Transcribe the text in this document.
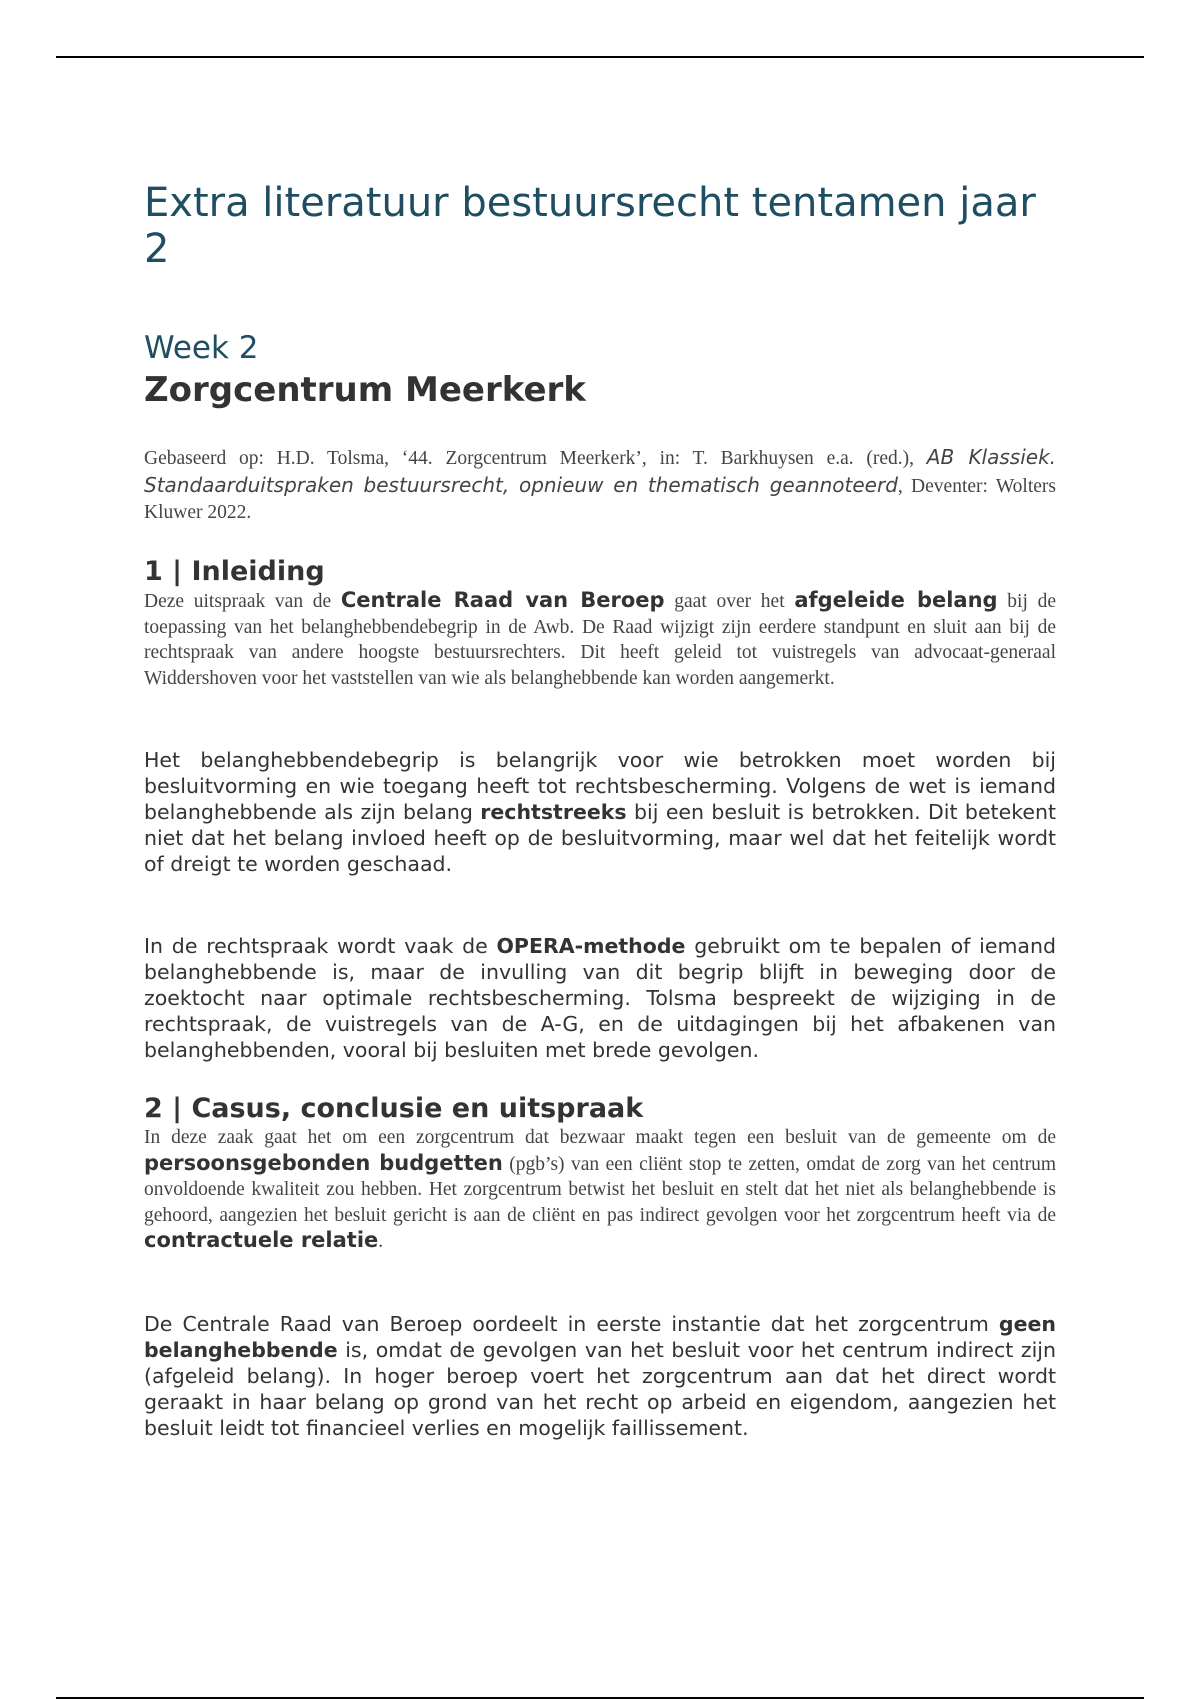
Extra literatuur bestuursrecht tentamen jaar 2
Week 2
Zorgcentrum Meerkerk

Gebaseerd op: H.D. Tolsma, ‘44. Zorgcentrum Meerkerk’, in: T. Barkhuysen e.a. (red.), AB Klassiek. Standaarduitspraken bestuursrecht, opnieuw en thematisch geannoteerd, Deventer: Wolters Kluwer 2022.

1 | Inleiding

Deze uitspraak van de Centrale Raad van Beroep gaat over het afgeleide belang bij de toepassing van het belanghebbendebegrip in de Awb. De Raad wijzigt zijn eerdere standpunt en sluit aan bij de rechtspraak van andere hoogste bestuursrechters. Dit heeft geleid tot vuistregels van advocaat-generaal Widdershoven voor het vaststellen van wie als belanghebbende kan worden aangemerkt.

Het belanghebbendebegrip is belangrijk voor wie betrokken moet worden bij besluitvorming en wie toegang heeft tot rechtsbescherming. Volgens de wet is iemand belanghebbende als zijn belang rechtstreeks bij een besluit is betrokken. Dit betekent niet dat het belang invloed heeft op de besluitvorming, maar wel dat het feitelijk wordt of dreigt te worden geschaad.

In de rechtspraak wordt vaak de OPERA-methode gebruikt om te bepalen of iemand belanghebbende is, maar de invulling van dit begrip blijft in beweging door de zoektocht naar optimale rechtsbescherming. Tolsma bespreekt de wijziging in de rechtspraak, de vuistregels van de A-G, en de uitdagingen bij het afbakenen van belanghebbenden, vooral bij besluiten met brede gevolgen.

2 | Casus, conclusie en uitspraak

In deze zaak gaat het om een zorgcentrum dat bezwaar maakt tegen een besluit van de gemeente om de persoonsgebonden budgetten (pgb’s) van een cliënt stop te zetten, omdat de zorg van het centrum onvoldoende kwaliteit zou hebben. Het zorgcentrum betwist het besluit en stelt dat het niet als belanghebbende is gehoord, aangezien het besluit gericht is aan de cliënt en pas indirect gevolgen voor het zorgcentrum heeft via de contractuele relatie.

De Centrale Raad van Beroep oordeelt in eerste instantie dat het zorgcentrum geen belanghebbende is, omdat de gevolgen van het besluit voor het centrum indirect zijn (afgeleid belang). In hoger beroep voert het zorgcentrum aan dat het direct wordt geraakt in haar belang op grond van het recht op arbeid en eigendom, aangezien het besluit leidt tot financieel verlies en mogelijk faillissement.
